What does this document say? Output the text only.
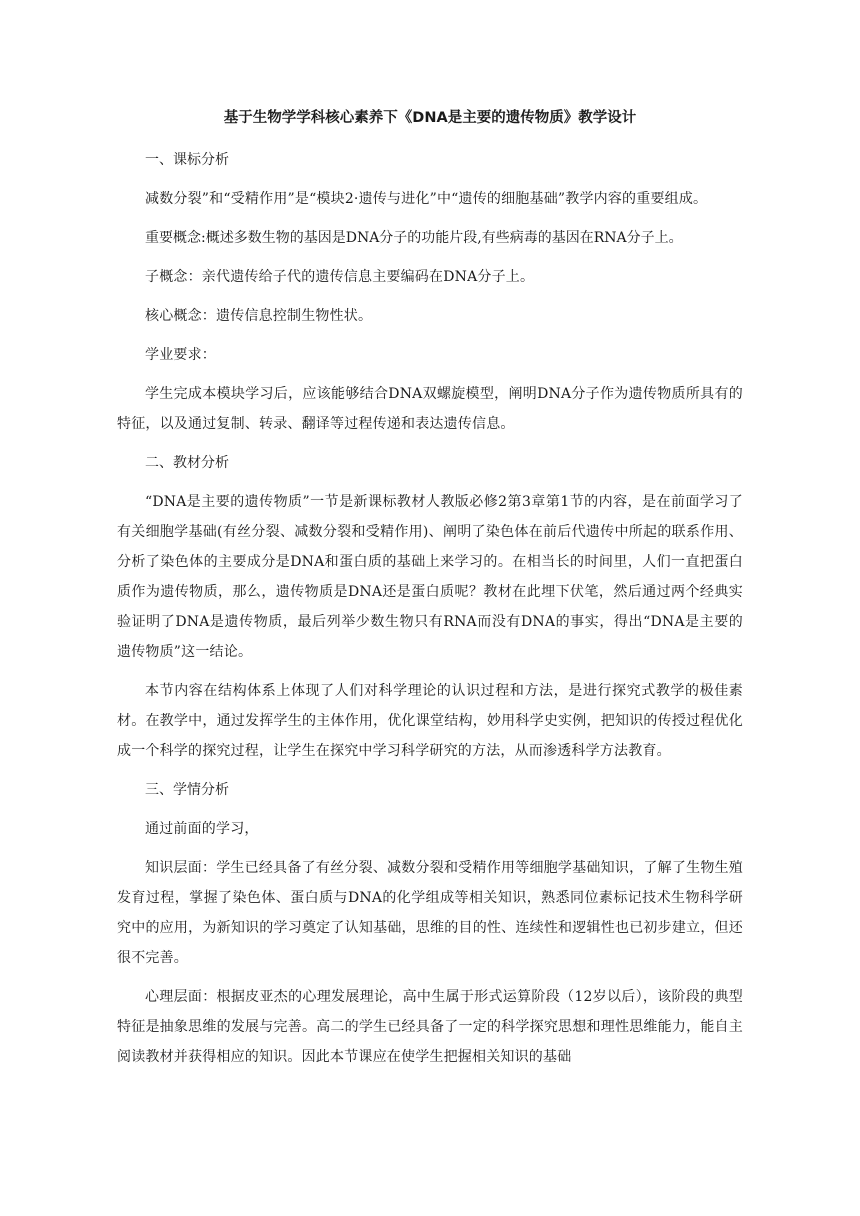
基于生物学学科核心素养下《DNA是主要的遗传物质》教学设计
一、课标分析

减数分裂”和“受精作用”是“模块2·遗传与进化”中“遗传的细胞基础”教学内容的重要组成。

重要概念:概述多数生物的基因是DNA分子的功能片段,有些病毒的基因在RNA分子上。

子概念：亲代遗传给子代的遗传信息主要编码在DNA分子上。

核心概念：遗传信息控制生物性状。

学业要求：

学生完成本模块学习后，应该能够结合DNA双螺旋模型，阐明DNA分子作为遗传物质所具有的特征，以及通过复制、转录、翻译等过程传递和表达遗传信息。

二、教材分析

“DNA是主要的遗传物质”一节是新课标教材人教版必修2第3章第1节的内容，是在前面学习了有关细胞学基础(有丝分裂、减数分裂和受精作用)、阐明了染色体在前后代遗传中所起的联系作用、分析了染色体的主要成分是DNA和蛋白质的基础上来学习的。在相当长的时间里，人们一直把蛋白质作为遗传物质，那么，遗传物质是DNA还是蛋白质呢？教材在此埋下伏笔，然后通过两个经典实验证明了DNA是遗传物质，最后列举少数生物只有RNA而没有DNA的事实，得出“DNA是主要的遗传物质”这一结论。

本节内容在结构体系上体现了人们对科学理论的认识过程和方法，是进行探究式教学的极佳素材。在教学中，通过发挥学生的主体作用，优化课堂结构，妙用科学史实例，把知识的传授过程优化成一个科学的探究过程，让学生在探究中学习科学研究的方法，从而渗透科学方法教育。

三、学情分析

通过前面的学习，

知识层面：学生已经具备了有丝分裂、减数分裂和受精作用等细胞学基础知识，了解了生物生殖发育过程，掌握了染色体、蛋白质与DNA的化学组成等相关知识，熟悉同位素标记技术生物科学研究中的应用，为新知识的学习奠定了认知基础，思维的目的性、连续性和逻辑性也已初步建立，但还很不完善。

心理层面：根据皮亚杰的心理发展理论，高中生属于形式运算阶段（12岁以后），该阶段的典型特征是抽象思维的发展与完善。高二的学生已经具备了一定的科学探究思想和理性思维能力，能自主阅读教材并获得相应的知识。因此本节课应在使学生把握相关知识的基础
